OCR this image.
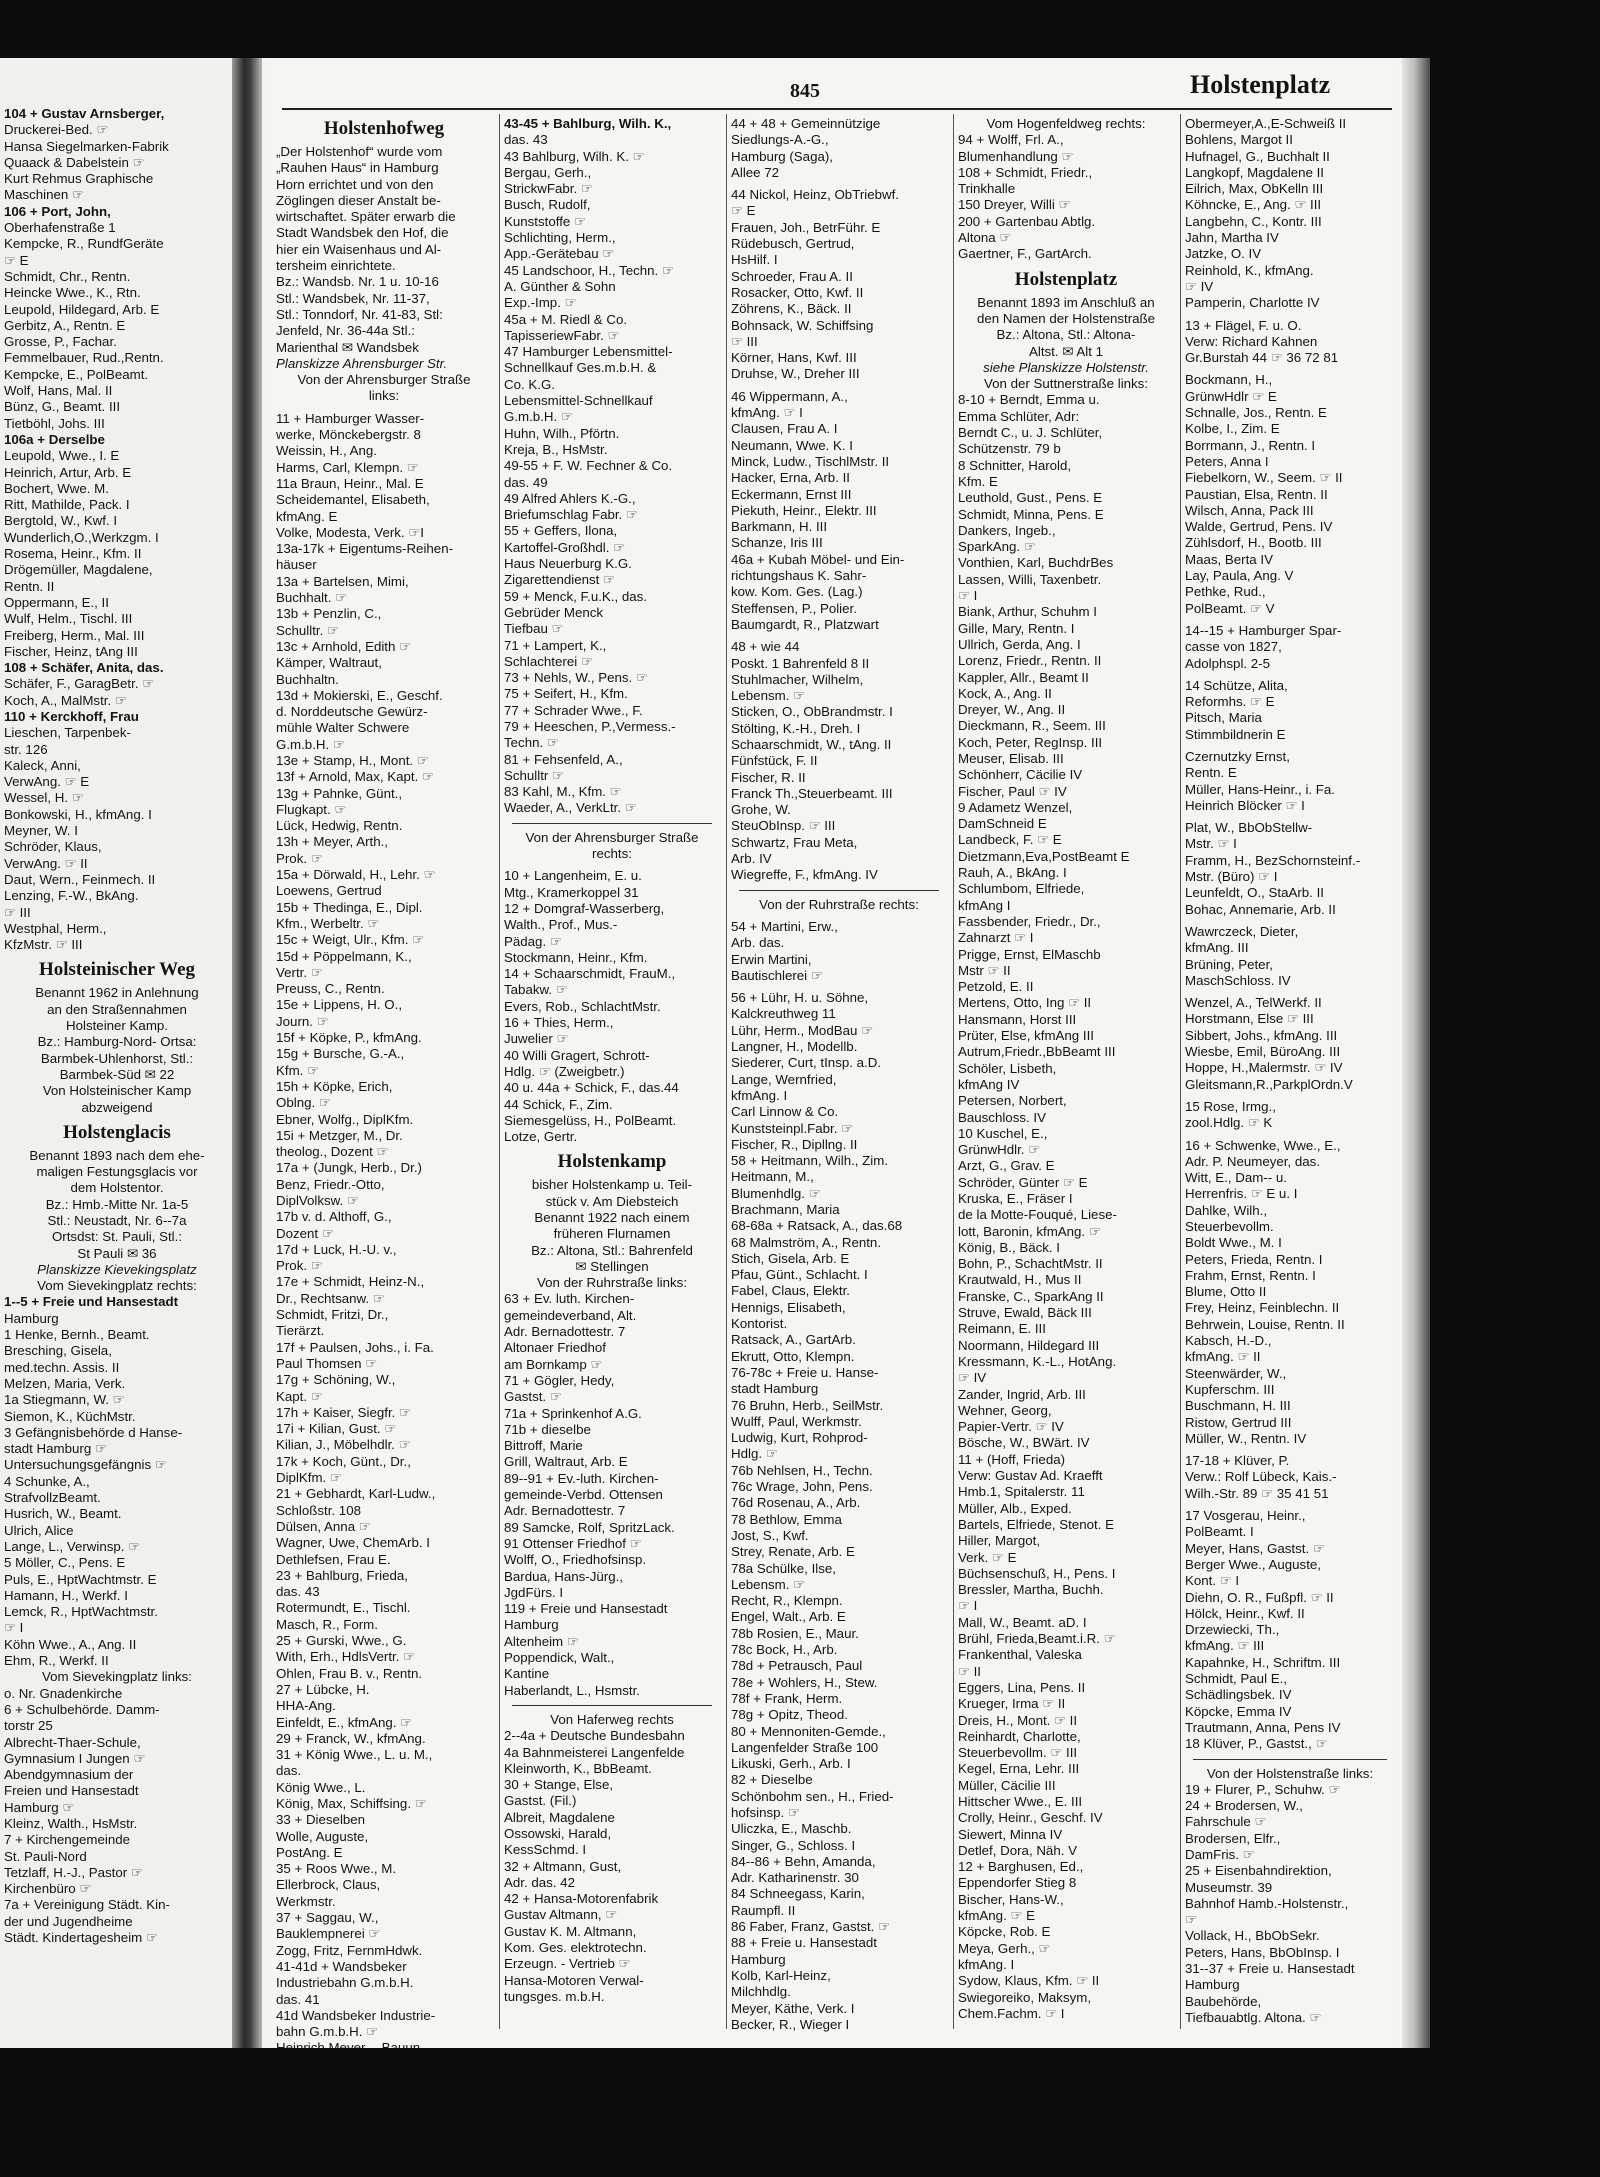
104 + Gustav Arnsberger,
Druckerei-Bed. ☞
Hansa Siegelmarken-Fabrik
Quaack & Dabelstein ☞
Kurt Rehmus Graphische
Maschinen ☞
106 + Port, John,
Oberhafenstraße 1
Kempcke, R., RundfGeräte
☞ E
Schmidt, Chr., Rentn.
Heincke Wwe., K., Rtn.
Leupold, Hildegard, Arb. E
Gerbitz, A., Rentn. E
Grosse, P., Fachar.
Femmelbauer, Rud.,Rentn.
Kempcke, E., PolBeamt.
Wolf, Hans, Mal. II
Bünz, G., Beamt. III
Tietböhl, Johs. III
106a + Derselbe
Leupold, Wwe., I. E
Heinrich, Artur, Arb. E
Bochert, Wwe. M.
Ritt, Mathilde, Pack. I
Bergtold, W., Kwf. I
Wunderlich,O.,Werkzgm. I
Rosema, Heinr., Kfm. II
Drögemüller, Magdalene,
Rentn. II
Oppermann, E., II
Wulf, Helm., Tischl. III
Freiberg, Herm., Mal. III
Fischer, Heinz, tAng III
108 + Schäfer, Anita, das.
Schäfer, F., GaragBetr. ☞
Koch, A., MalMstr. ☞
110 + Kerckhoff, Frau
Lieschen, Tarpenbek-
str. 126
Kaleck, Anni,
VerwAng. ☞ E
Wessel, H. ☞
Bonkowski, H., kfmAng. I
Meyner, W. I
Schröder, Klaus,
VerwAng. ☞ II
Daut, Wern., Feinmech. II
Lenzing, F.-W., BkAng.
☞ III
Westphal, Herm.,
KfzMstr. ☞ III
Holsteinischer Weg
Benannt 1962 in Anlehnung
an den Straßennahmen
Holsteiner Kamp.
Bz.: Hamburg-Nord- Ortsa:
Barmbek-Uhlenhorst, Stl.:
Barmbek-Süd ✉ 22
Von Holsteinischer Kamp
abzweigend
Holstenglacis
Benannt 1893 nach dem ehe-
maligen Festungsglacis vor
dem Holstentor.
Bz.: Hmb.-Mitte Nr. 1a-5
Stl.: Neustadt, Nr. 6--7a
Ortsdst: St. Pauli, Stl.:
St Pauli ✉ 36
Planskizze Kievekingsplatz
Vom Sievekingplatz rechts:
1--5 + Freie und Hansestadt
Hamburg
1 Henke, Bernh., Beamt.
Bresching, Gisela,
med.techn. Assis. II
Melzen, Maria, Verk.
1a Stiegmann, W. ☞
Siemon, K., KüchMstr.
3 Gefängnisbehörde d Hanse-
stadt Hamburg ☞
Untersuchungsgefängnis ☞
4 Schunke, A.,
StrafvollzBeamt.
Husrich, W., Beamt.
Ulrich, Alice
Lange, L., Verwinsp. ☞
5 Möller, C., Pens. E
Puls, E., HptWachtmstr. E
Hamann, H., Werkf. I
Lemck, R., HptWachtmstr.
☞ I
Köhn Wwe., A., Ang. II
Ehm, R., Werkf. II
Vom Sievekingplatz links:
o. Nr. Gnadenkirche
6 + Schulbehörde. Damm-
torstr 25
Albrecht-Thaer-Schule,
Gymnasium I Jungen ☞
Abendgymnasium der
Freien und Hansestadt
Hamburg ☞
Kleinz, Walth., HsMstr.
7 + Kirchengemeinde
St. Pauli-Nord
Tetzlaff, H.-J., Pastor ☞
Kirchenbüro ☞
7a + Vereinigung Städt. Kin-
der und Jugendheime
Städt. Kindertagesheim ☞
845	Holstenplatz
Holstenhofweg
„Der Holstenhof“ wurde vom
„Rauhen Haus“ in Hamburg
Horn errichtet und von den
Zöglingen dieser Anstalt be-
wirtschaftet. Später erwarb die
Stadt Wandsbek den Hof, die
hier ein Waisenhaus und Al-
tersheim einrichtete.
Bz.: Wandsb. Nr. 1 u. 10-16
Stl.: Wandsbek, Nr. 11-37,
Stl.: Tonndorf, Nr. 41-83, Stl:
Jenfeld, Nr. 36-44a Stl.:
Marienthal ✉ Wandsbek
Planskizze Ahrensburger Str.
Von der Ahrensburger Straße
links:
11 + Hamburger Wasser-
werke, Mönckebergstr. 8
Weissin, H., Ang.
Harms, Carl, Klempn. ☞
11a Braun, Heinr., Mal. E
Scheidemantel, Elisabeth,
kfmAng. E
Volke, Modesta, Verk. ☞I
13a-17k + Eigentums-Reihen-
häuser
13a + Bartelsen, Mimi,
Buchhalt. ☞
13b + Penzlin, C.,
Schulltr. ☞
13c + Arnhold, Edith ☞
Kämper, Waltraut,
Buchhaltn.
13d + Mokierski, E., Geschf.
d. Norddeutsche Gewürz-
mühle Walter Schwere
G.m.b.H. ☞
13e + Stamp, H., Mont. ☞
13f + Arnold, Max, Kapt. ☞
13g + Pahnke, Günt.,
Flugkapt. ☞
Lück, Hedwig, Rentn.
13h + Meyer, Arth.,
Prok. ☞
15a + Dörwald, H., Lehr. ☞
Loewens, Gertrud
15b + Thedinga, E., Dipl.
Kfm., Werbeltr. ☞
15c + Weigt, Ulr., Kfm. ☞
15d + Pöppelmann, K.,
Vertr. ☞
Preuss, C., Rentn.
15e + Lippens, H. O.,
Journ. ☞
15f + Köpke, P., kfmAng.
15g + Bursche, G.-A.,
Kfm. ☞
15h + Köpke, Erich,
Oblng. ☞
Ebner, Wolfg., DiplKfm.
15i + Metzger, M., Dr.
theolog., Dozent ☞
17a + (Jungk, Herb., Dr.)
Benz, Friedr.-Otto,
DiplVolksw. ☞
17b v. d. Althoff, G.,
Dozent ☞
17d + Luck, H.-U. v.,
Prok. ☞
17e + Schmidt, Heinz-N.,
Dr., Rechtsanw. ☞
Schmidt, Fritzi, Dr.,
Tierärzt.
17f + Paulsen, Johs., i. Fa.
Paul Thomsen ☞
17g + Schöning, W.,
Kapt. ☞
17h + Kaiser, Siegfr. ☞
17i + Kilian, Gust. ☞
Kilian, J., Möbelhdlr. ☞
17k + Koch, Günt., Dr.,
DiplKfm. ☞
21 + Gebhardt, Karl-Ludw.,
Schloßstr. 108
Dülsen, Anna ☞
Wagner, Uwe, ChemArb. I
Dethlefsen, Frau E.
23 + Bahlburg, Frieda,
das. 43
Rotermundt, E., Tischl.
Masch, R., Form.
25 + Gurski, Wwe., G.
With, Erh., HdlsVertr. ☞
Ohlen, Frau B. v., Rentn.
27 + Lübcke, H.
HHA-Ang.
Einfeldt, E., kfmAng. ☞
29 + Franck, W., kfmAng.
31 + König Wwe., L. u. M.,
das.
König Wwe., L.
König, Max, Schiffsing. ☞
33 + Dieselben
Wolle, Auguste,
PostAng. E
35 + Roos Wwe., M.
Ellerbrock, Claus,
Werkmstr.
37 + Saggau, W.,
Bauklempnerei ☞
Zogg, Fritz, FernmHdwk.
41-41d + Wandsbeker
Industriebahn G.m.b.H.
das. 41
41d Wandsbeker Industrie-
bahn G.m.b.H. ☞
43-45 + Bahlburg, Wilh. K.,
das. 43
43 Bahlburg, Wilh. K. ☞
Bergau, Gerh.,
StrickwFabr. ☞
Busch, Rudolf,
Kunststoffe ☞
Schlichting, Herm.,
App.-Gerätebau ☞
45 Landschoor, H., Techn. ☞
A. Günther & Sohn
Exp.-Imp. ☞
45a + M. Riedl & Co.
TapisseriewFabr. ☞
47 Hamburger Lebensmittel-
Schnellkauf Ges.m.b.H. &
Co. K.G.
Lebensmittel-Schnellkauf
G.m.b.H. ☞
Huhn, Wilh., Pförtn.
Kreja, B., HsMstr.
49-55 + F. W. Fechner & Co.
das. 49
49 Alfred Ahlers K.-G.,
Briefumschlag Fabr. ☞
55 + Geffers, Ilona,
Kartoffel-Großhdl. ☞
Haus Neuerburg K.G.
Zigarettendienst ☞
59 + Menck, F.u.K., das.
Gebrüder Menck
Tiefbau ☞
71 + Lampert, K.,
Schlachterei ☞
73 + Nehls, W., Pens. ☞
75 + Seifert, H., Kfm.
77 + Schrader Wwe., F.
79 + Heeschen, P.,Vermess.-
Techn. ☞
81 + Fehsenfeld, A.,
Schulltr ☞
83 Kahl, M., Kfm. ☞
Waeder, A., VerkLtr. ☞
Von der Ahrensburger Straße
rechts:
10 + Langenheim, E. u.
Mtg., Kramerkoppel 31
12 + Domgraf-Wasserberg,
Walth., Prof., Mus.-
Pädag. ☞
Stockmann, Heinr., Kfm.
14 + Schaarschmidt, FrauM.,
Tabakw. ☞
Evers, Rob., SchlachtMstr.
16 + Thies, Herm.,
Juwelier ☞
40 Willi Gragert, Schrott-
Hdlg. ☞ (Zweigbetr.)
40 u. 44a + Schick, F., das.44
44 Schick, F., Zim.
Siemesgelüss, H., PolBeamt.
Lotze, Gertr.
Holstenkamp
bisher Holstenkamp u. Teil-
stück v. Am Diebsteich
Benannt 1922 nach einem
früheren Flurnamen
Bz.: Altona, Stl.: Bahrenfeld
✉ Stellingen
Von der Ruhrstraße links:
63 + Ev. luth. Kirchen-
gemeindeverband, Alt.
Adr. Bernadottestr. 7
Altonaer Friedhof
am Bornkamp ☞
71 + Gögler, Hedy,
Gastst. ☞
71a + Sprinkenhof A.G.
71b + dieselbe
Bittroff, Marie
Grill, Waltraut, Arb. E
89--91 + Ev.-luth. Kirchen-
gemeinde-Verbd. Ottensen
Adr. Bernadottestr. 7
89 Samcke, Rolf, SpritzLack.
91 Ottenser Friedhof ☞
Wolff, O., Friedhofsinsp.
Bardua, Hans-Jürg.,
JgdFürs. I
119 + Freie und Hansestadt
Hamburg
Altenheim ☞
Poppendick, Walt.,
Kantine
Haberlandt, L., Hsmstr.
Von Haferweg rechts
2--4a + Deutsche Bundesbahn
4a Bahnmeisterei Langenfelde
Kleinworth, K., BbBeamt.
30 + Stange, Else,
Gastst. (Fil.)
Albreit, Magdalene
Ossowski, Harald,
KessSchmd. I
32 + Altmann, Gust,
Adr. das. 42
42 + Hansa-Motorenfabrik
Gustav Altmann, ☞
Gustav K. M. Altmann,
Kom. Ges. elektrotechn.
Erzeugn. - Vertrieb ☞
Hansa-Motoren Verwal-
tungsges. m.b.H.
44 + 48 + Gemeinnützige
Siedlungs-A.-G.,
Hamburg (Saga),
Allee 72
44 Nickol, Heinz, ObTriebwf.
☞ E
Frauen, Joh., BetrFühr. E
Rüdebusch, Gertrud,
HsHilf. I
Schroeder, Frau A. II
Rosacker, Otto, Kwf. II
Zöhrens, K., Bäck. II
Bohnsack, W. Schiffsing
☞ III
Körner, Hans, Kwf. III
Druhse, W., Dreher III
46 Wippermann, A.,
kfmAng. ☞ I
Clausen, Frau A. I
Neumann, Wwe. K. I
Minck, Ludw., TischlMstr. II
Hacker, Erna, Arb. II
Eckermann, Ernst III
Piekuth, Heinr., Elektr. III
Barkmann, H. III
Schanze, Iris III
46a + Kubah Möbel- und Ein-
richtungshaus K. Sahr-
kow. Kom. Ges. (Lag.)
Steffensen, P., Polier.
Baumgardt, R., Platzwart
48 + wie 44
Poskt. 1 Bahrenfeld 8 II
Stuhlmacher, Wilhelm,
Lebensm. ☞
Sticken, O., ObBrandmstr. I
Stölting, K.-H., Dreh. I
Schaarschmidt, W., tAng. II
Fünfstück, F. II
Fischer, R. II
Franck Th.,Steuerbeamt. III
Grohe, W.
SteuObInsp. ☞ III
Schwartz, Frau Meta,
Arb. IV
Wiegreffe, F., kfmAng. IV
Von der Ruhrstraße rechts:
54 + Martini, Erw.,
Arb. das.
Erwin Martini,
Bautischlerei ☞
56 + Lühr, H. u. Söhne,
Kalckreuthweg 11
Lühr, Herm., ModBau ☞
Langner, H., Modellb.
Siederer, Curt, tInsp. a.D.
Lange, Wernfried,
kfmAng. I
Carl Linnow & Co.
Kunststeinpl.Fabr. ☞
Fischer, R., Dipllng. II
58 + Heitmann, Wilh., Zim.
Heitmann, M.,
Blumenhdlg. ☞
Brachmann, Maria
68-68a + Ratsack, A., das.68
68 Malmström, A., Rentn.
Stich, Gisela, Arb. E
Pfau, Günt., Schlacht. I
Fabel, Claus, Elektr.
Hennigs, Elisabeth,
Kontorist.
Ratsack, A., GartArb.
Ekrutt, Otto, Klempn.
76-78c + Freie u. Hanse-
stadt Hamburg
76 Bruhn, Herb., SeilMstr.
Wulff, Paul, Werkmstr.
Ludwig, Kurt, Rohprod-
Hdlg. ☞
76b Nehlsen, H., Techn.
76c Wrage, John, Pens.
76d Rosenau, A., Arb.
78 Bethlow, Emma
Jost, S., Kwf.
Strey, Renate, Arb. E
78a Schülke, Ilse,
Lebensm. ☞
Recht, R., Klempn.
Engel, Walt., Arb. E
78b Rosien, E., Maur.
78c Bock, H., Arb.
78d + Petrausch, Paul
78e + Wohlers, H., Stew.
78f + Frank, Herm.
78g + Opitz, Theod.
80 + Mennoniten-Gemde.,
Langenfelder Straße 100
Likuski, Gerh., Arb. I
82 + Dieselbe
Schönbohm sen., H., Fried-
hofsinsp. ☞
Uliczka, E., Maschb.
Singer, G., Schloss. I
84--86 + Behn, Amanda,
Adr. Katharinenstr. 30
84 Schneegass, Karin,
Raumpfl. II
86 Faber, Franz, Gastst. ☞
88 + Freie u. Hansestadt
Hamburg
Kolb, Karl-Heinz,
Milchhdlg.
Meyer, Käthe, Verk. I
Becker, R., Wieger I
Vom Hogenfeldweg rechts:
94 + Wolff, Frl. A.,
Blumenhandlung ☞
108 + Schmidt, Friedr.,
Trinkhalle
150 Dreyer, Willi ☞
200 + Gartenbau Abtlg.
Altona ☞
Gaertner, F., GartArch.
Holstenplatz
Benannt 1893 im Anschluß an
den Namen der Holstenstraße
Bz.: Altona, Stl.: Altona-
Altst. ✉ Alt 1
siehe Planskizze Holstenstr.
Von der Suttnerstraße links:
8-10 + Berndt, Emma u.
Emma Schlüter, Adr:
Berndt C., u. J. Schlüter,
Schützenstr. 79 b
8 Schnitter, Harold,
Kfm. E
Leuthold, Gust., Pens. E
Schmidt, Minna, Pens. E
Dankers, Ingeb.,
SparkAng. ☞
Vonthien, Karl, BuchdrBes
Lassen, Willi, Taxenbetr.
☞ I
Biank, Arthur, Schuhm I
Gille, Mary, Rentn. I
Ullrich, Gerda, Ang. I
Lorenz, Friedr., Rentn. II
Kappler, Allr., Beamt II
Kock, A., Ang. II
Dreyer, W., Ang. II
Dieckmann, R., Seem. III
Koch, Peter, RegInsp. III
Meuser, Elisab. III
Schönherr, Cäcilie IV
Fischer, Paul ☞ IV
9 Adametz Wenzel,
DamSchneid E
Landbeck, F. ☞ E
Dietzmann,Eva,PostBeamt E
Rauh, A., BkAng. I
Schlumbom, Elfriede,
kfmAng I
Fassbender, Friedr., Dr.,
Zahnarzt ☞ I
Prigge, Ernst, ElMaschb
Mstr ☞ II
Petzold, E. II
Mertens, Otto, Ing ☞ II
Hansmann, Horst III
Prüter, Else, kfmAng III
Autrum,Friedr.,BbBeamt III
Schöler, Lisbeth,
kfmAng IV
Petersen, Norbert,
Bauschloss. IV
10 Kuschel, E.,
GrünwHdlr. ☞
Arzt, G., Grav. E
Schröder, Günter ☞ E
Kruska, E., Fräser I
de la Motte-Fouqué, Liese-
lott, Baronin, kfmAng. ☞
König, B., Bäck. I
Bohn, P., SchachtMstr. II
Krautwald, H., Mus II
Franske, C., SparkAng II
Struve, Ewald, Bäck III
Reimann, E. III
Noormann, Hildegard III
Kressmann, K.-L., HotAng.
☞ IV
Zander, Ingrid, Arb. III
Wehner, Georg,
Papier-Vertr. ☞ IV
Bösche, W., BWärt. IV
11 + (Hoff, Frieda)
Verw: Gustav Ad. Kraefft
Hmb.1, Spitalerstr. 11
Müller, Alb., Exped.
Bartels, Elfriede, Stenot. E
Hiller, Margot,
Verk. ☞ E
Büchsenschuß, H., Pens. I
Bressler, Martha, Buchh.
☞ I
Mall, W., Beamt. aD. I
Brühl, Frieda,Beamt.i.R. ☞
Frankenthal, Valeska
☞ II
Eggers, Lina, Pens. II
Krueger, Irma ☞ II
Dreis, H., Mont. ☞ II
Reinhardt, Charlotte,
Steuerbevollm. ☞ III
Kegel, Erna, Lehr. III
Müller, Cäcilie III
Hittscher Wwe., E. III
Crolly, Heinr., Geschf. IV
Siewert, Minna IV
Detlef, Dora, Näh. V
12 + Barghusen, Ed.,
Eppendorfer Stieg 8
Bischer, Hans-W.,
kfmAng. ☞ E
Köpcke, Rob. E
Meya, Gerh., ☞
kfmAng. I
Sydow, Klaus, Kfm. ☞ II
Swiegoreiko, Maksym,
Chem.Fachm. ☞ I
Obermeyer,A.,E-Schweiß II
Bohlens, Margot II
Hufnagel, G., Buchhalt II
Langkopf, Magdalene II
Eilrich, Max, ObKelln III
Köhncke, E., Ang. ☞ III
Langbehn, C., Kontr. III
Jahn, Martha IV
Jatzke, O. IV
Reinhold, K., kfmAng.
☞ IV
Pamperin, Charlotte IV
13 + Flägel, F. u. O.
Verw: Richard Kahnen
Gr.Burstah 44 ☞ 36 72 81
Bockmann, H.,
GrünwHdlr ☞ E
Schnalle, Jos., Rentn. E
Kolbe, I., Zim. E
Borrmann, J., Rentn. I
Peters, Anna I
Fiebelkorn, W., Seem. ☞ II
Paustian, Elsa, Rentn. II
Wilsch, Anna, Pack III
Walde, Gertrud, Pens. IV
Zühlsdorf, H., Bootb. III
Maas, Berta IV
Lay, Paula, Ang. V
Pethke, Rud.,
PolBeamt. ☞ V
14--15 + Hamburger Spar-
casse von 1827,
Adolphspl. 2-5
14 Schütze, Alita,
Reformhs. ☞ E
Pitsch, Maria
Stimmbildnerin E
Czernutzky Ernst,
Rentn. E
Müller, Hans-Heinr., i. Fa.
Heinrich Blöcker ☞ I
Plat, W., BbObStellw-
Mstr. ☞ I
Framm, H., BezSchornsteinf.-
Mstr. (Büro) ☞ I
Leunfeldt, O., StaArb. II
Bohac, Annemarie, Arb. II
Wawrczeck, Dieter,
kfmAng. III
Brüning, Peter,
MaschSchloss. IV
Wenzel, A., TelWerkf. II
Horstmann, Else ☞ III
Sibbert, Johs., kfmAng. III
Wiesbe, Emil, BüroAng. III
Hoppe, H.,Malermstr. ☞ IV
Gleitsmann,R.,ParkplOrdn.V
15 Rose, Irmg.,
zool.Hdlg. ☞ K
16 + Schwenke, Wwe., E.,
Adr. P. Neumeyer, das.
Witt, E., Dam-- u.
Herrenfris. ☞ E u. I
Dahlke, Wilh.,
Steuerbevollm.
Boldt Wwe., M. I
Peters, Frieda, Rentn. I
Frahm, Ernst, Rentn. I
Blume, Otto II
Frey, Heinz, Feinblechn. II
Behrwein, Louise, Rentn. II
Kabsch, H.-D.,
kfmAng. ☞ II
Steenwärder, W.,
Kupferschm. III
Buschmann, H. III
Ristow, Gertrud III
Müller, W., Rentn. IV
17-18 + Klüver, P.
Verw.: Rolf Lübeck, Kais.-
Wilh.-Str. 89 ☞ 35 41 51
17 Vosgerau, Heinr.,
PolBeamt. I
Meyer, Hans, Gastst. ☞
Berger Wwe., Auguste,
Kont. ☞ I
Diehn, O. R., Fußpfl. ☞ II
Hölck, Heinr., Kwf. II
Drzewiecki, Th.,
kfmAng. ☞ III
Kapahnke, H., Schriftm. III
Schmidt, Paul E.,
Schädlingsbek. IV
Köpcke, Emma IV
Trautmann, Anna, Pens IV
18 Klüver, P., Gastst., ☞
Von der Holstenstraße links:
19 + Flurer, P., Schuhw. ☞
24 + Brodersen, W.,
Fahrschule ☞
Brodersen, Elfr.,
DamFris. ☞
25 + Eisenbahndirektion,
Museumstr. 39
Bahnhof Hamb.-Holstenstr.,
☞
Vollack, H., BbObSekr.
Peters, Hans, BbObInsp. I
31--37 + Freie u. Hansestadt
Hamburg
Baubehörde,
Tiefbauabtlg. Altona. ☞
